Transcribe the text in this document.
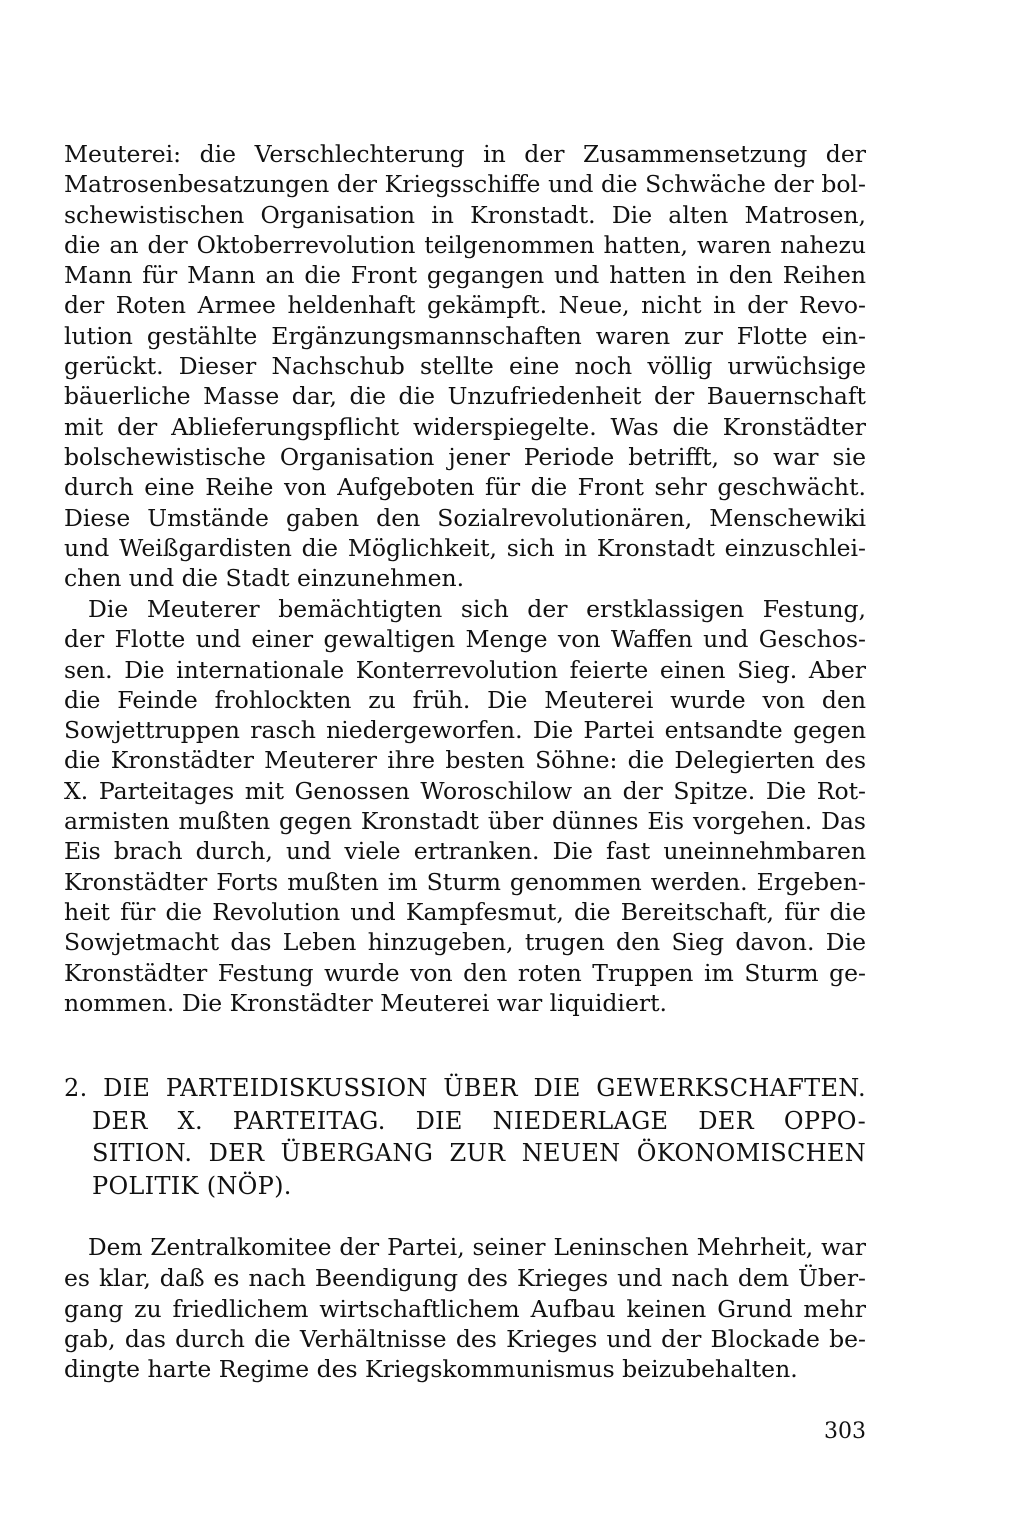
Meuterei: die Verschlechterung in der Zusammensetzung der
Matrosenbesatzungen der Kriegsschiffe und die Schwäche der bol-
schewistischen Organisation in Kronstadt. Die alten Matrosen,
die an der Oktoberrevolution teilgenommen hatten, waren nahezu
Mann für Mann an die Front gegangen und hatten in den Reihen
der Roten Armee heldenhaft gekämpft. Neue, nicht in der Revo-
lution gestählte Ergänzungsmannschaften waren zur Flotte ein-
gerückt. Dieser Nachschub stellte eine noch völlig urwüchsige
bäuerliche Masse dar, die die Unzufriedenheit der Bauernschaft
mit der Ablieferungspflicht widerspiegelte. Was die Kronstädter
bolschewistische Organisation jener Periode betrifft, so war sie
durch eine Reihe von Aufgeboten für die Front sehr geschwächt.
Diese Umstände gaben den Sozialrevolutionären, Menschewiki
und Weißgardisten die Möglichkeit, sich in Kronstadt einzuschlei-
chen und die Stadt einzunehmen.
Die Meuterer bemächtigten sich der erstklassigen Festung,
der Flotte und einer gewaltigen Menge von Waffen und Geschos-
sen. Die internationale Konterrevolution feierte einen Sieg. Aber
die Feinde frohlockten zu früh. Die Meuterei wurde von den
Sowjettruppen rasch niedergeworfen. Die Partei entsandte gegen
die Kronstädter Meuterer ihre besten Söhne: die Delegierten des
X. Parteitages mit Genossen Woroschilow an der Spitze. Die Rot-
armisten mußten gegen Kronstadt über dünnes Eis vorgehen. Das
Eis brach durch, und viele ertranken. Die fast uneinnehmbaren
Kronstädter Forts mußten im Sturm genommen werden. Ergeben-
heit für die Revolution und Kampfesmut, die Bereitschaft, für die
Sowjetmacht das Leben hinzugeben, trugen den Sieg davon. Die
Kronstädter Festung wurde von den roten Truppen im Sturm ge-
nommen. Die Kronstädter Meuterei war liquidiert.
2. DIE PARTEIDISKUSSION ÜBER DIE GEWERKSCHAFTEN.
DER X. PARTEITAG. DIE NIEDERLAGE DER OPPO-
SITION. DER ÜBERGANG ZUR NEUEN ÖKONOMISCHEN
POLITIK (NÖP).
Dem Zentralkomitee der Partei, seiner Leninschen Mehrheit, war
es klar, daß es nach Beendigung des Krieges und nach dem Über-
gang zu friedlichem wirtschaftlichem Aufbau keinen Grund mehr
gab, das durch die Verhältnisse des Krieges und der Blockade be-
dingte harte Regime des Kriegskommunismus beizubehalten.
303
